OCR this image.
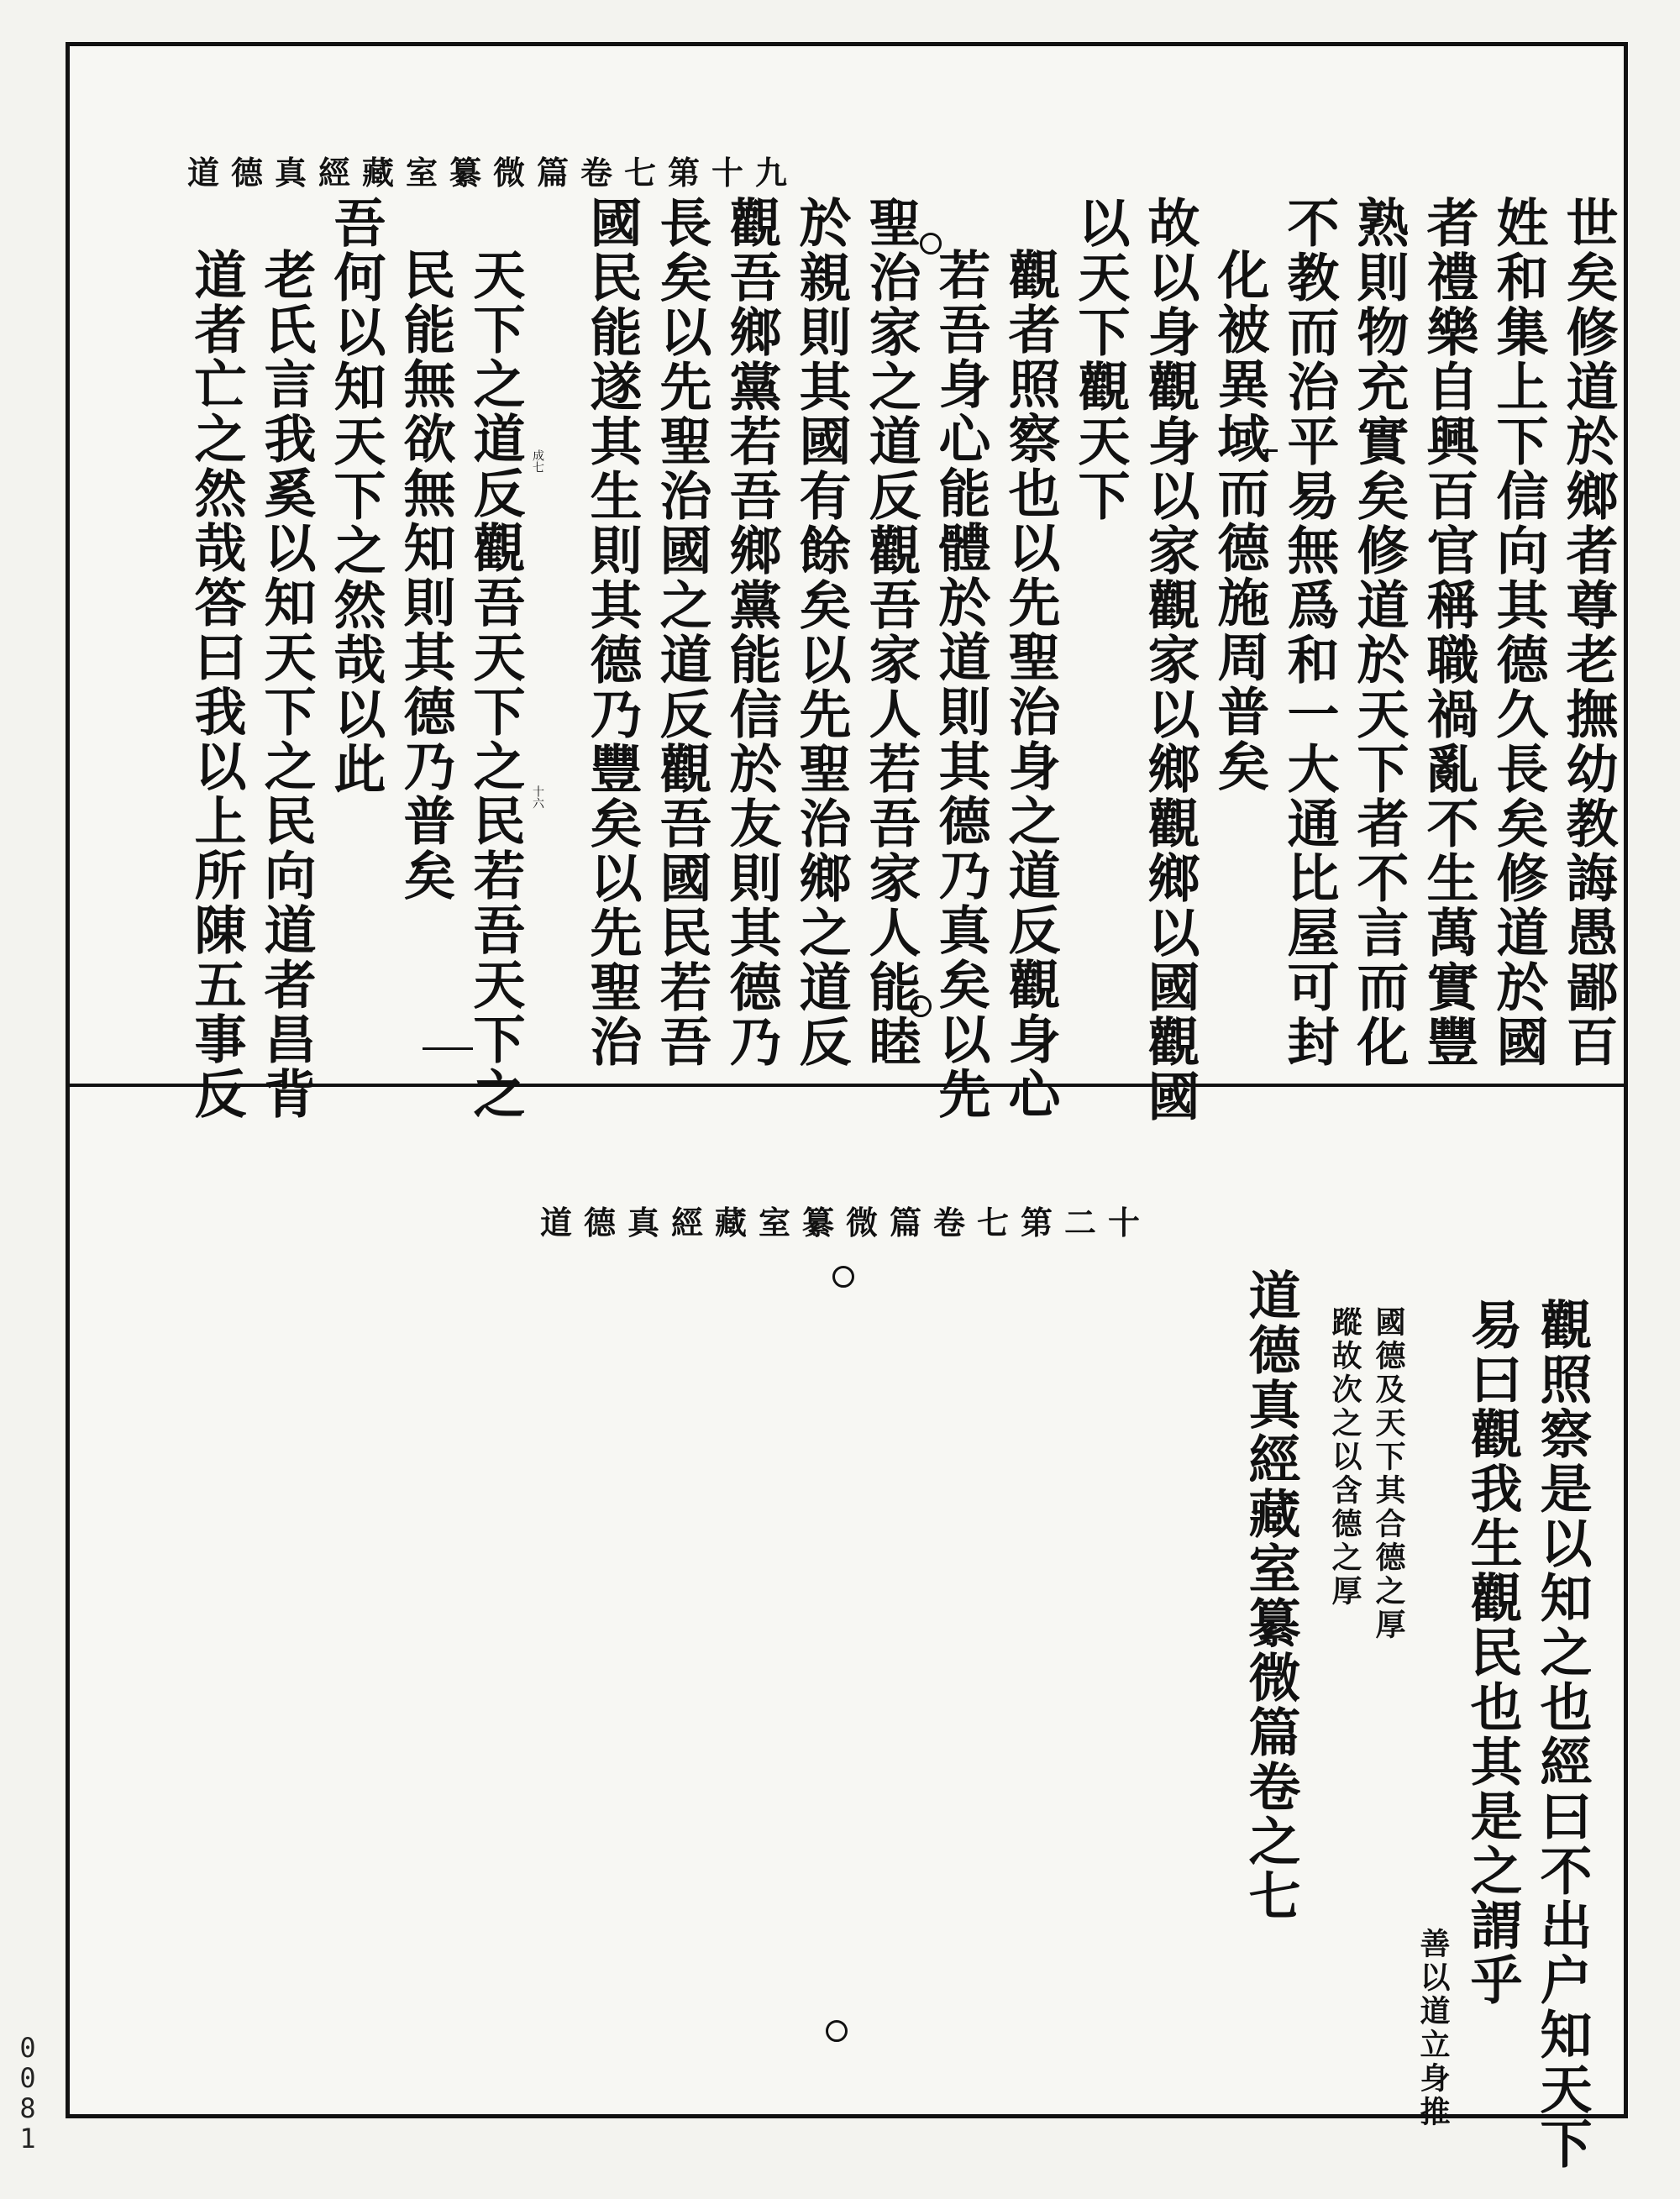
道德真經藏室纂微篇卷七第十九
世矣修道於鄉者尊老撫幼教誨愚鄙百
姓和集上下信向其德久長矣修道於國
者禮樂自興百官稱職禍亂不生萬實豐
熟則物充實矣修道於天下者不言而化
不教而治平易無爲和一大通比屋可封
化被異域而德施周普矣
故以身觀身以家觀家以鄉觀鄉以國觀國
以天下觀天下
觀者照察也以先聖治身之道反觀身心
若吾身心能體於道則其德乃真矣以先
聖治家之道反觀吾家人若吾家人能睦
於親則其國有餘矣以先聖治鄉之道反
觀吾鄉黨若吾鄉黨能信於友則其德乃
長矣以先聖治國之道反觀吾國民若吾
國民能遂其生則其德乃豐矣以先聖治
天下之道反觀吾天下之民若吾天下之
民能無欲無知則其德乃普矣
吾何以知天下之然哉以此
老氏言我奚以知天下之民向道者昌背
道者亡之然哉答曰我以上所陳五事反	成七
十六
道德真經藏室纂微篇卷七第二十
觀照察是以知之也經曰不出户知天下
易曰觀我生觀民也其是之謂乎
善以道立身推
國德及天下其合德之厚
蹤故次之以含德之厚
道德真經藏室纂微篇卷之七
0
0
8
1
